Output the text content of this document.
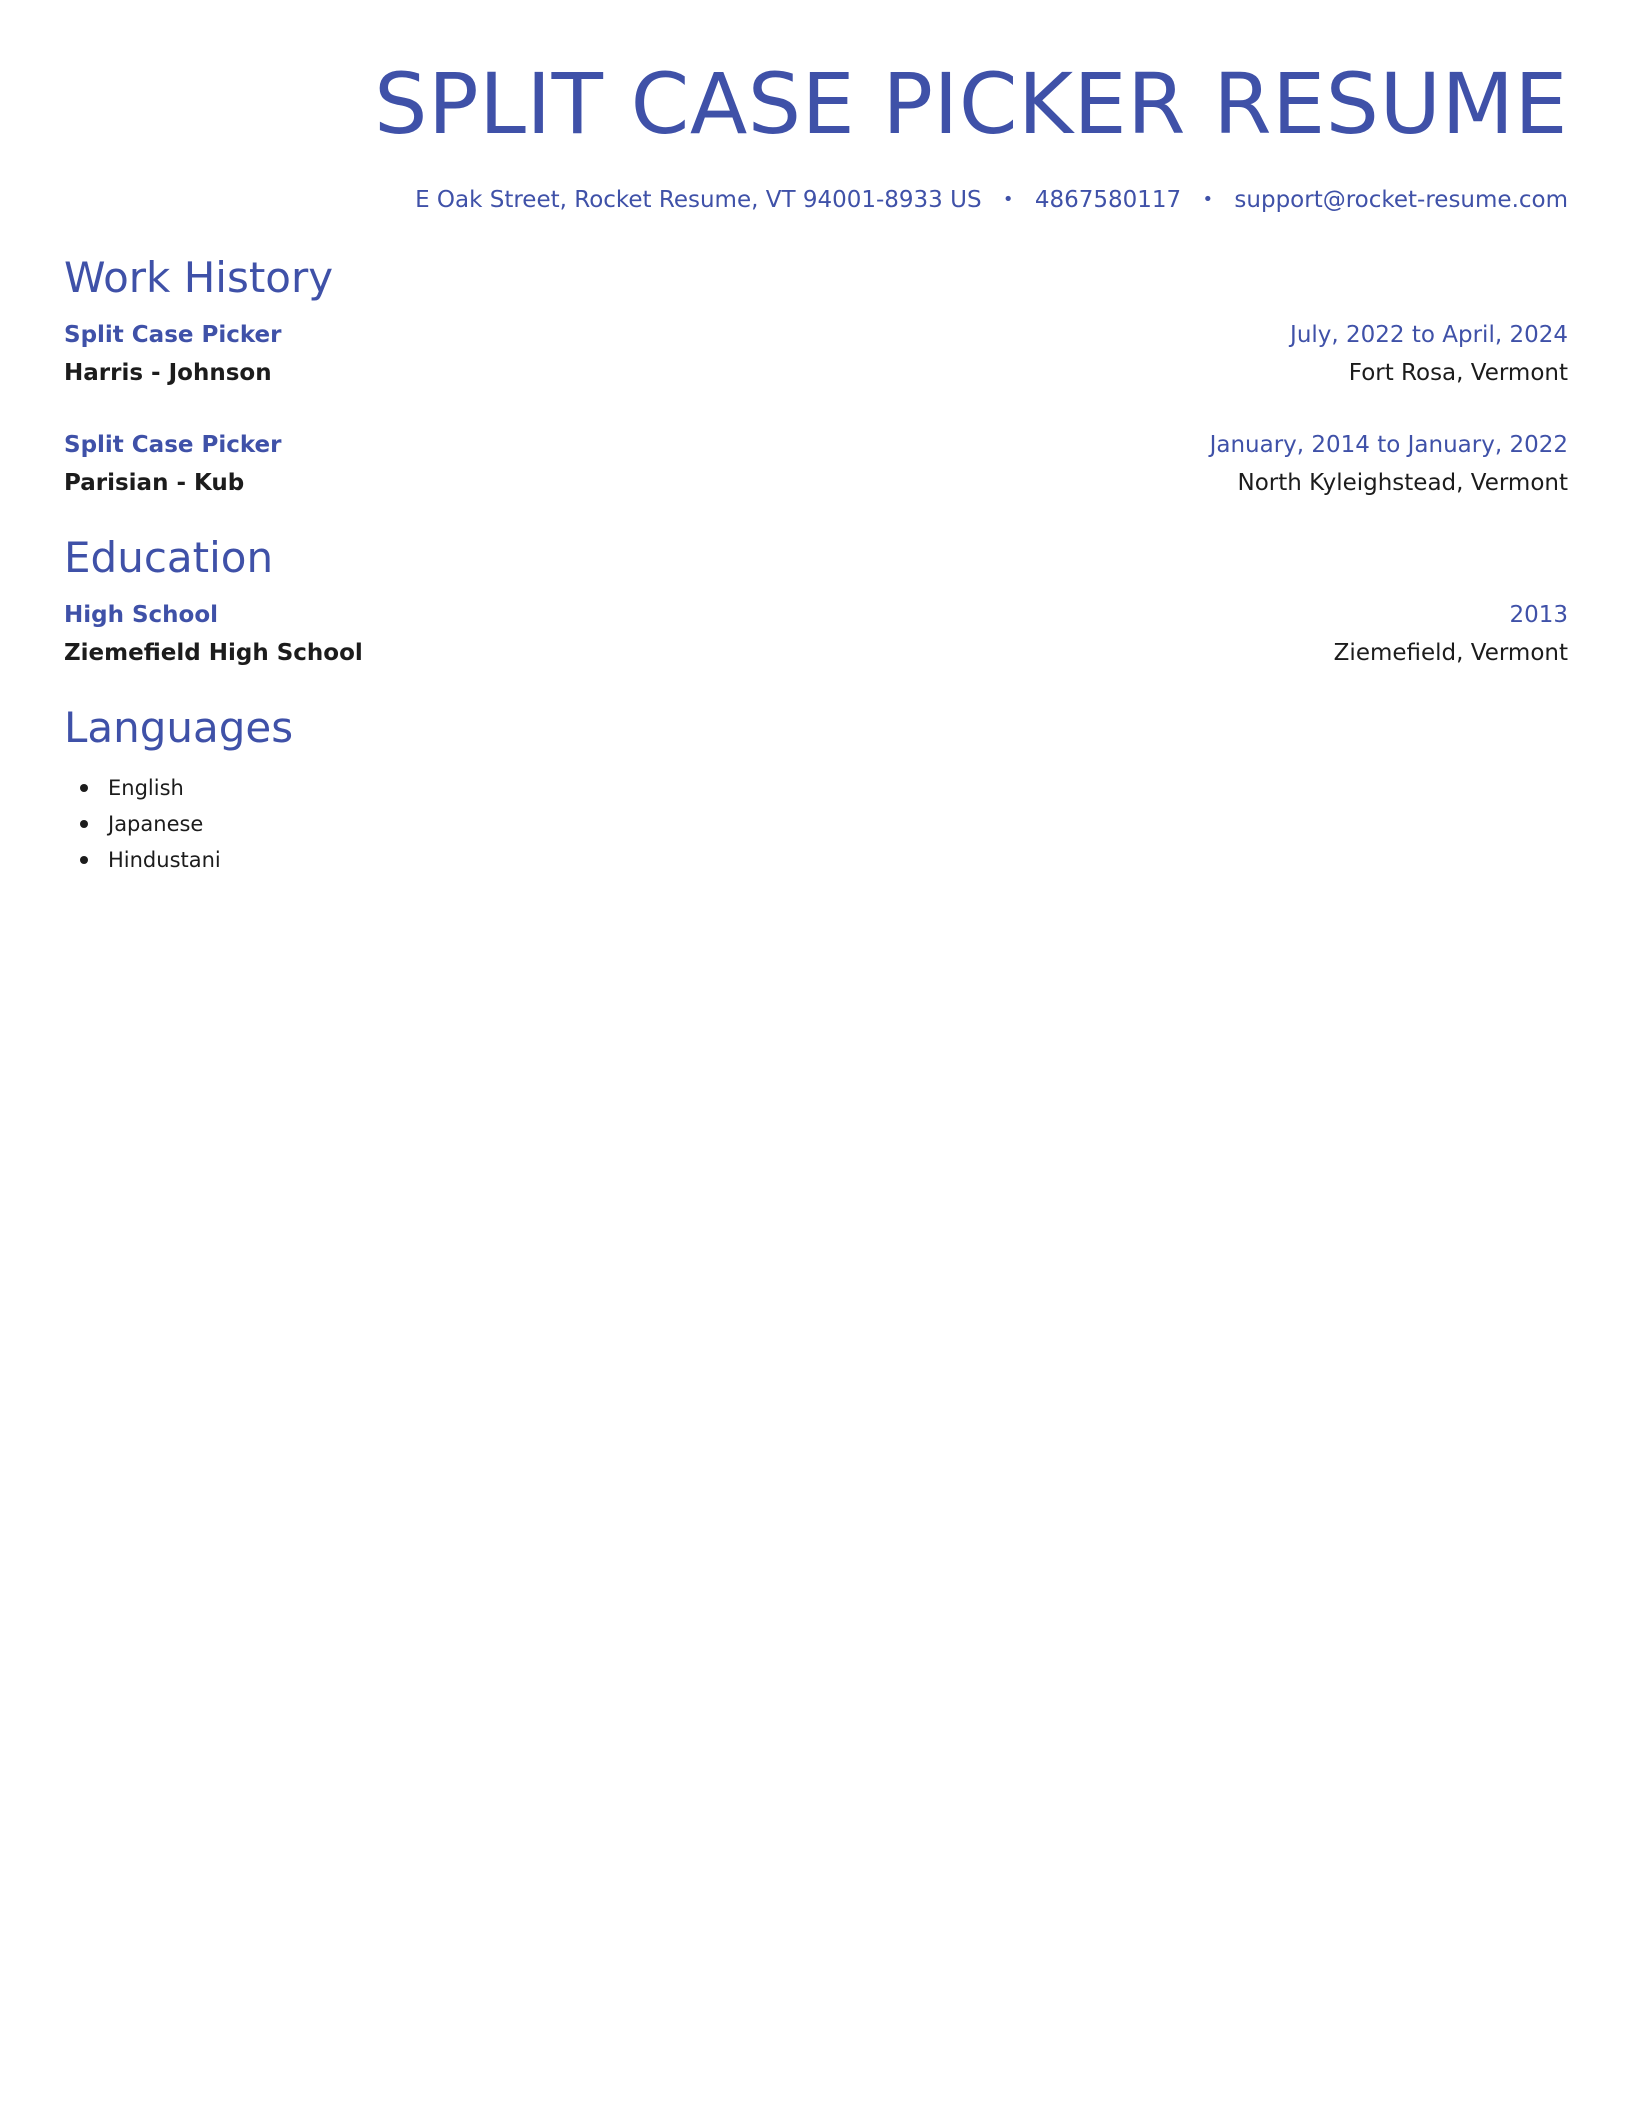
SPLIT CASE PICKER RESUME
E Oak Street, Rocket Resume, VT 94001-8933 US • 4867580117 • support@rocket-resume.com
Work History
Split Case Picker	July, 2022 to April, 2024
Harris - Johnson	Fort Rosa, Vermont
Split Case Picker	January, 2014 to January, 2022
Parisian - Kub	North Kyleighstead, Vermont
Education
High School	2013
Ziemefield High School	Ziemefield, Vermont
Languages
English
Japanese
Hindustani
